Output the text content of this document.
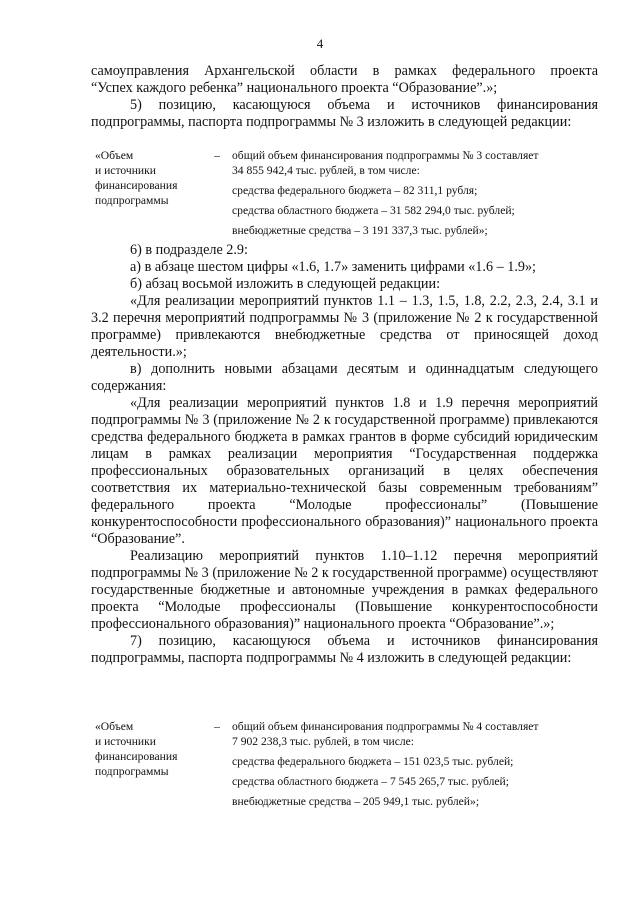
4

самоуправления Архангельской области в рамках федерального проекта

“Успех каждого ребенка” национального проекта “Образование”.»;

5) позицию, касающуюся объема и источников финансирования подпрограммы, паспорта подпрограммы № 3 изложить в следующей редакции:

«Объем
и источники
финансирования
подпрограммы
– общий объем финансирования подпрограммы № 3 составляет
34 855 942,4 тыс. рублей, в том числе:
средства федерального бюджета – 82 311,1 рубля;
средства областного бюджета – 31 582 294,0 тыс. рублей;
внебюджетные средства – 3 191 337,3 тыс. рублей»;

6) в подразделе 2.9:

а) в абзаце шестом цифры «1.6, 1.7» заменить цифрами «1.6 – 1.9»;

б) абзац восьмой изложить в следующей редакции:

«Для реализации мероприятий пунктов 1.1 – 1.3, 1.5, 1.8, 2.2, 2.3, 2.4, 3.1 и 3.2 перечня мероприятий подпрограммы № 3 (приложение № 2 к государственной программе) привлекаются внебюджетные средства от приносящей доход деятельности.»;

в) дополнить новыми абзацами десятым и одиннадцатым следующего содержания:

«Для реализации мероприятий пунктов 1.8 и 1.9 перечня мероприятий подпрограммы № 3 (приложение № 2 к государственной программе) привлекаются средства федерального бюджета в рамках грантов в форме субсидий юридическим лицам в рамках реализации мероприятия “Государственная поддержка профессиональных образовательных организаций в целях обеспечения соответствия их материально-технической базы современным требованиям” федерального проекта “Молодые профессионалы” (Повышение конкурентоспособности профессионального образования)” национального проекта “Образование”.

Реализацию мероприятий пунктов 1.10–1.12 перечня мероприятий подпрограммы № 3 (приложение № 2 к государственной программе) осуществляют государственные бюджетные и автономные учреждения в рамках федерального проекта “Молодые профессионалы (Повышение конкурентоспособности профессионального образования)” национального проекта “Образование”.»;

7) позицию, касающуюся объема и источников финансирования подпрограммы, паспорта подпрограммы № 4 изложить в следующей редакции:

«Объем
и источники
финансирования
подпрограммы
– общий объем финансирования подпрограммы № 4 составляет
7 902 238,3 тыс. рублей, в том числе:
средства федерального бюджета – 151 023,5 тыс. рублей;
средства областного бюджета – 7 545 265,7 тыс. рублей;
внебюджетные средства – 205 949,1 тыс. рублей»;
